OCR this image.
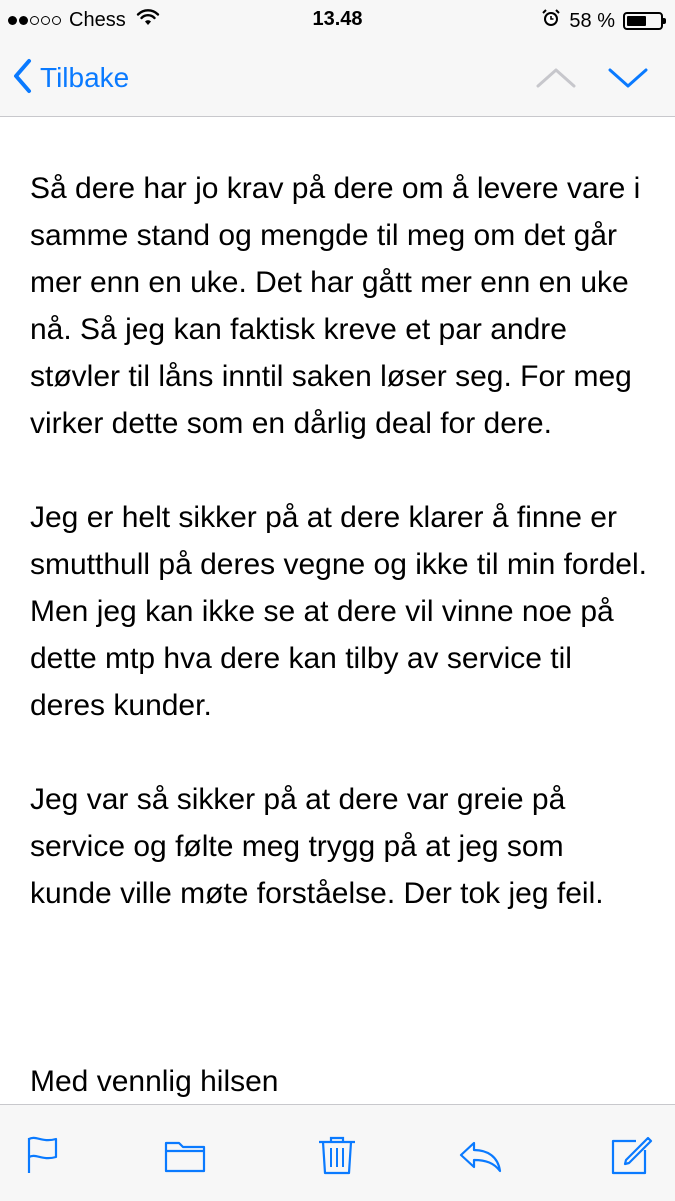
Chess	13.48	58 %
Tilbake

Så dere har jo krav på dere om å levere vare i samme stand og mengde til meg om det går mer enn en uke. Det har gått mer enn en uke nå. Så jeg kan faktisk kreve et par andre støvler til låns inntil saken løser seg. For meg virker dette som en dårlig deal for dere.

Jeg er helt sikker på at dere klarer å finne er smutthull på deres vegne og ikke til min fordel. Men jeg kan ikke se at dere vil vinne noe på dette mtp hva dere kan tilby av service til deres kunder.

Jeg var så sikker på at dere var greie på service og følte meg trygg på at jeg som kunde ville møte forståelse. Der tok jeg feil.

Med vennlig hilsen
